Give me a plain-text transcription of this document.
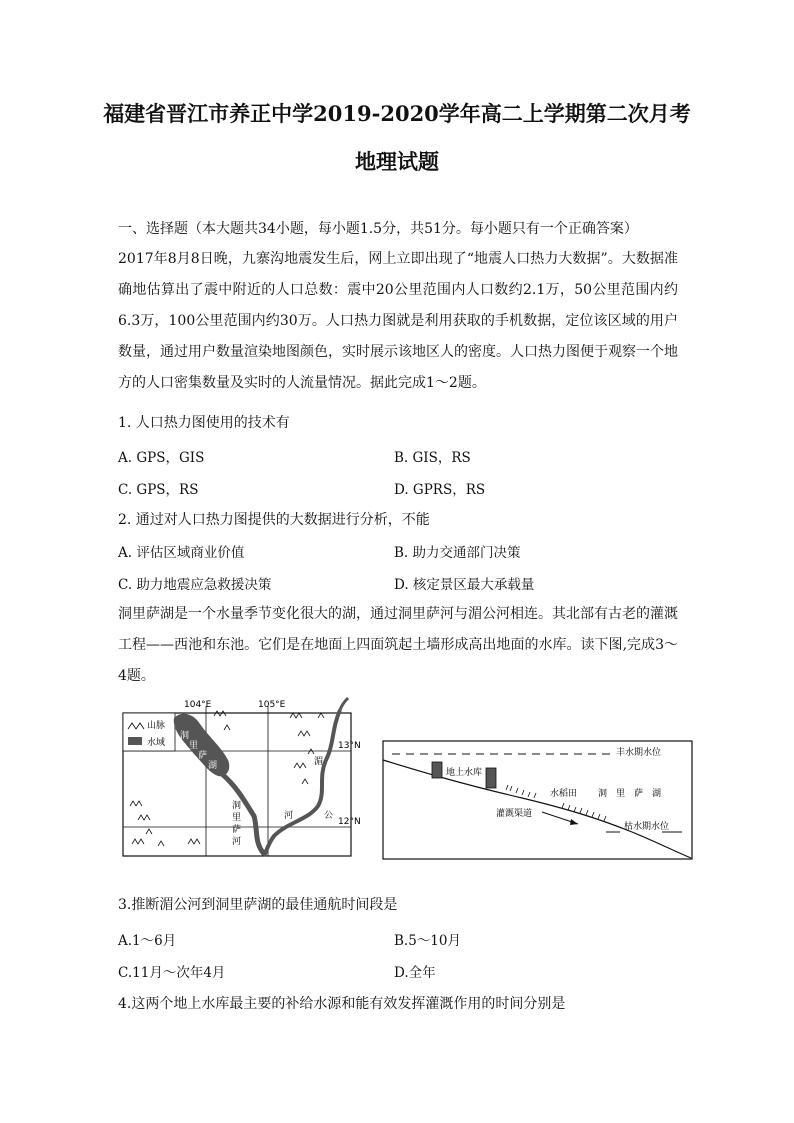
福建省晋江市养正中学2019-2020学年高二上学期第二次月考
地理试题

一、选择题（本大题共34小题，每小题1.5分，共51分。每小题只有一个正确答案）

2017年8月8日晚，九寨沟地震发生后，网上立即出现了“地震人口热力大数据”。大数据准确地估算出了震中附近的人口总数：震中20公里范围内人口数约2.1万，50公里范围内约6.3万，100公里范围内约30万。人口热力图就是利用获取的手机数据，定位该区域的用户数量，通过用户数量渲染地图颜色，实时展示该地区人的密度。人口热力图便于观察一个地方的人口密集数量及实时的人流量情况。据此完成1～2题。

1. 人口热力图使用的技术有

A. GPS，GIS	B. GIS，RS
C. GPS，RS	D. GPRS，RS

2. 通过对人口热力图提供的大数据进行分析，不能

A. 评估区域商业价值	B. 助力交通部门决策
C. 助力地震应急救援决策	D. 核定景区最大承载量

洞里萨湖是一个水量季节变化很大的湖，通过洞里萨河与湄公河相连。其北部有古老的灌溉工程——西池和东池。它们是在地面上四面筑起土墙形成高出地面的水库。读下图,完成3～4题。

山脉
水域
104°E	105°E
13°N
12°N
洞
里
萨
湖
洞
里
萨
河
湄
公
河
丰水期水位
地上水库
水稻田 洞　里　萨　湖
灌溉渠道
枯水期水位

3.推断湄公河到洞里萨湖的最佳通航时间段是

A.1～6月	B.5～10月
C.11月～次年4月	D.全年

4.这两个地上水库最主要的补给水源和能有效发挥灌溉作用的时间分别是
